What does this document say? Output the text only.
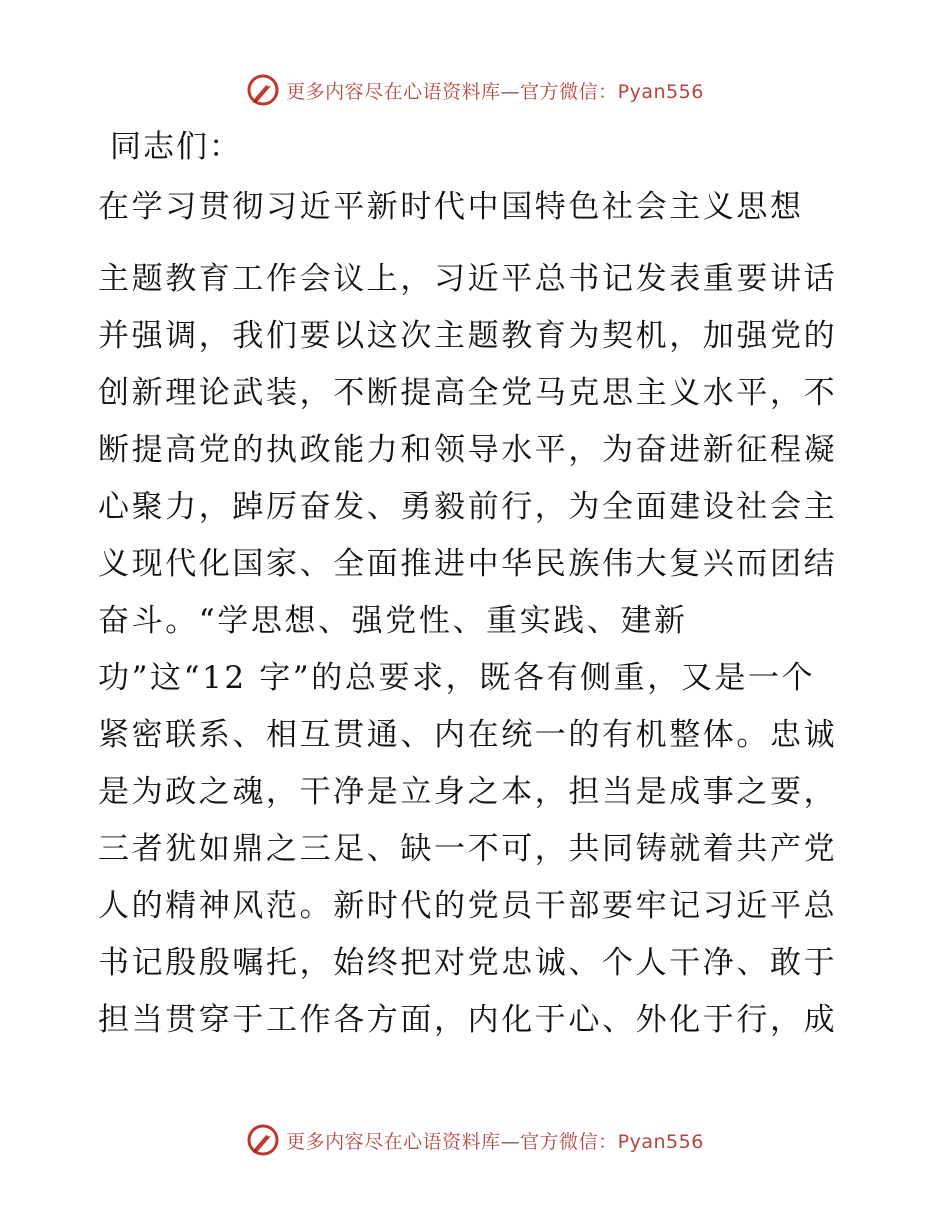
更多内容尽在心语资料库—官方微信：Pyan556
同志们：
在学习贯彻习近平新时代中国特色社会主义思想
主题教育工作会议上，习近平总书记发表重要讲话
并强调，我们要以这次主题教育为契机，加强党的
创新理论武装，不断提高全党马克思主义水平，不
断提高党的执政能力和领导水平，为奋进新征程凝
心聚力，踔厉奋发、勇毅前行，为全面建设社会主
义现代化国家、全面推进中华民族伟大复兴而团结
奋斗。“学思想、强党性、重实践、建新
功”这“12 字”的总要求，既各有侧重，又是一个
紧密联系、相互贯通、内在统一的有机整体。忠诚
是为政之魂，干净是立身之本，担当是成事之要，
三者犹如鼎之三足、缺一不可，共同铸就着共产党
人的精神风范。新时代的党员干部要牢记习近平总
书记殷殷嘱托，始终把对党忠诚、个人干净、敢于
担当贯穿于工作各方面，内化于心、外化于行，成
更多内容尽在心语资料库—官方微信：Pyan556
